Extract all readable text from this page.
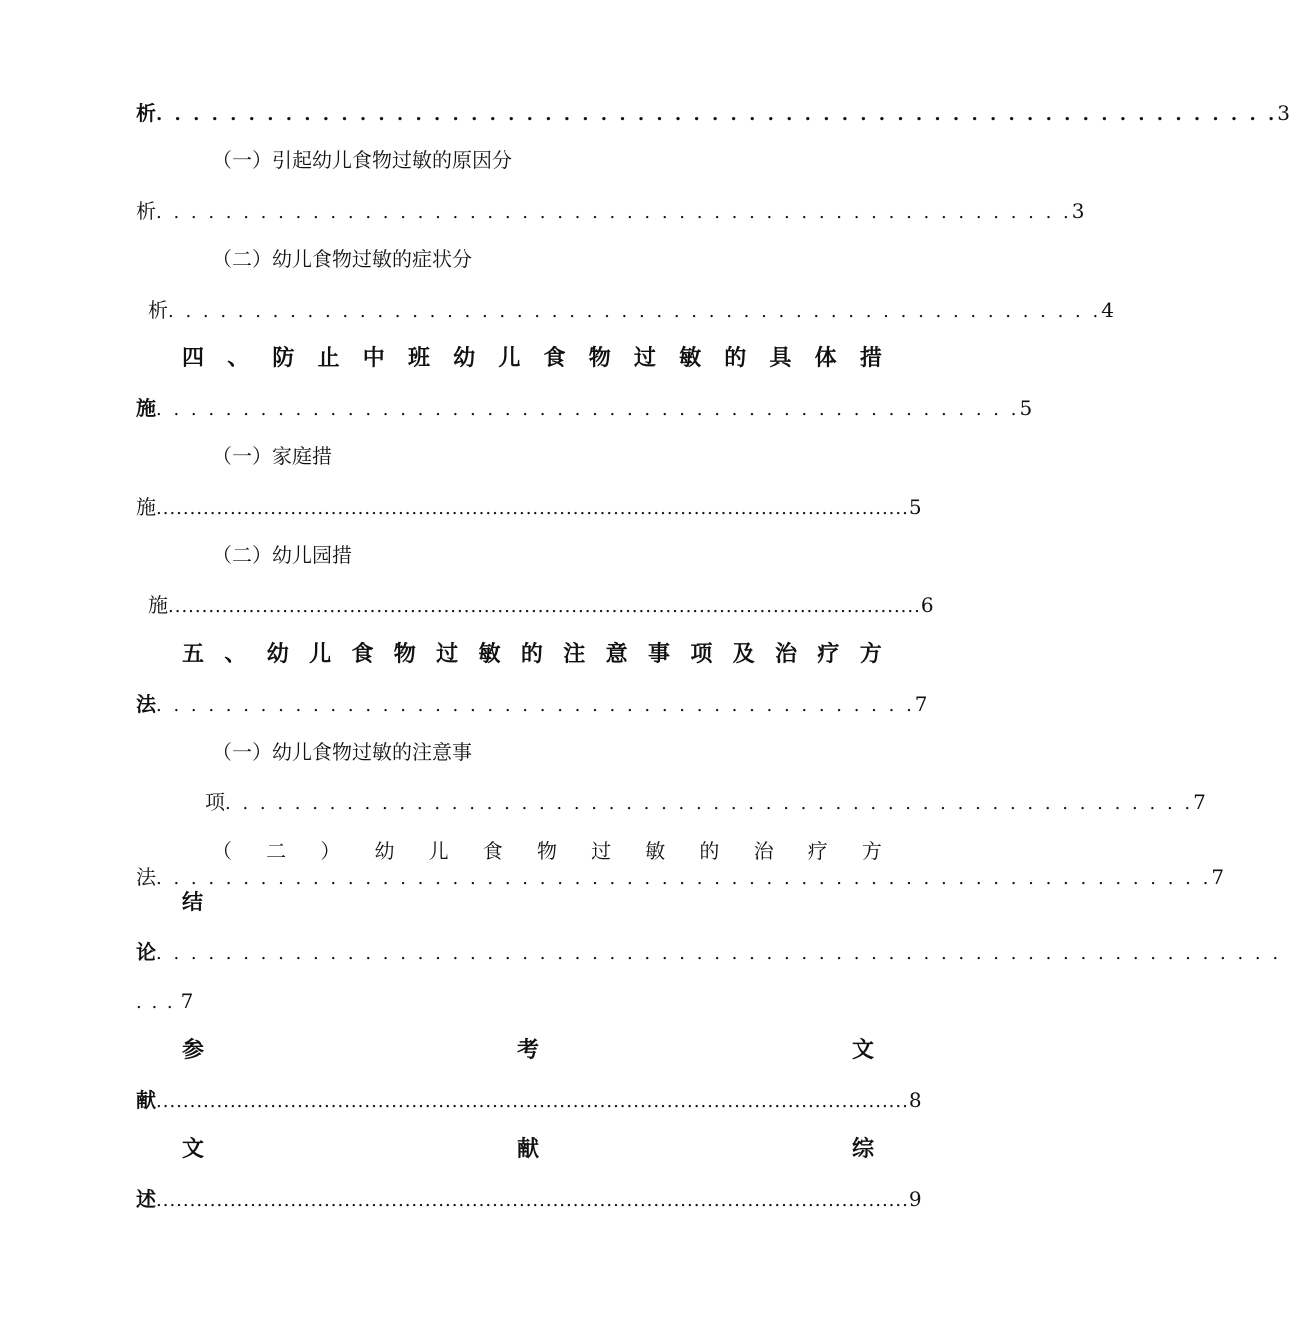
析 . . . . . . . . . . . . . . . . . . . . . . . . . . . . . . . . . . . . . . . . . . . . . . . . . . . . . . . . . . . . . 3
（一）引起幼儿食物过敏的原因分
析 . . . . . . . . . . . . . . . . . . . . . . . . . . . . . . . . . . . . . . . . . . . . . . . . . . . . . 3
（二）幼儿食物过敏的症状分
析 . . . . . . . . . . . . . . . . . . . . . . . . . . . . . . . . . . . . . . . . . . . . . . . . . . . . . . 4
四 、 防 止 中 班 幼 儿 食 物 过 敏 的 具 体 措
施 . . . . . . . . . . . . . . . . . . . . . . . . . . . . . . . . . . . . . . . . . . . . . . . . . . 5
（一）家庭措
施 ................................................................................................................ 5
（二）幼儿园措
施 ................................................................................................................ 6
五 、 幼 儿 食 物 过 敏 的 注 意 事 项 及 治 疗 方
法 . . . . . . . . . . . . . . . . . . . . . . . . . . . . . . . . . . . . . . . . . . . . 7
（一）幼儿食物过敏的注意事
项 . . . . . . . . . . . . . . . . . . . . . . . . . . . . . . . . . . . . . . . . . . . . . . . . . . . . . . . . 7
（ 二 ） 幼 儿 食 物 过 敏 的 治 疗 方
法 . . . . . . . . . . . . . . . . . . . . . . . . . . . . . . . . . . . . . . . . . . . . . . . . . . . . . . . . . . . . . 7
结
论 . . . . . . . . . . . . . . . . . . . . . . . . . . . . . . . . . . . . . . . . . . . . . . . . . . . . . . . . . . . . . . . . .
. . . 7
参	考	文
献 ................................................................................................................ 8
文	献	综
述 ................................................................................................................ 9
